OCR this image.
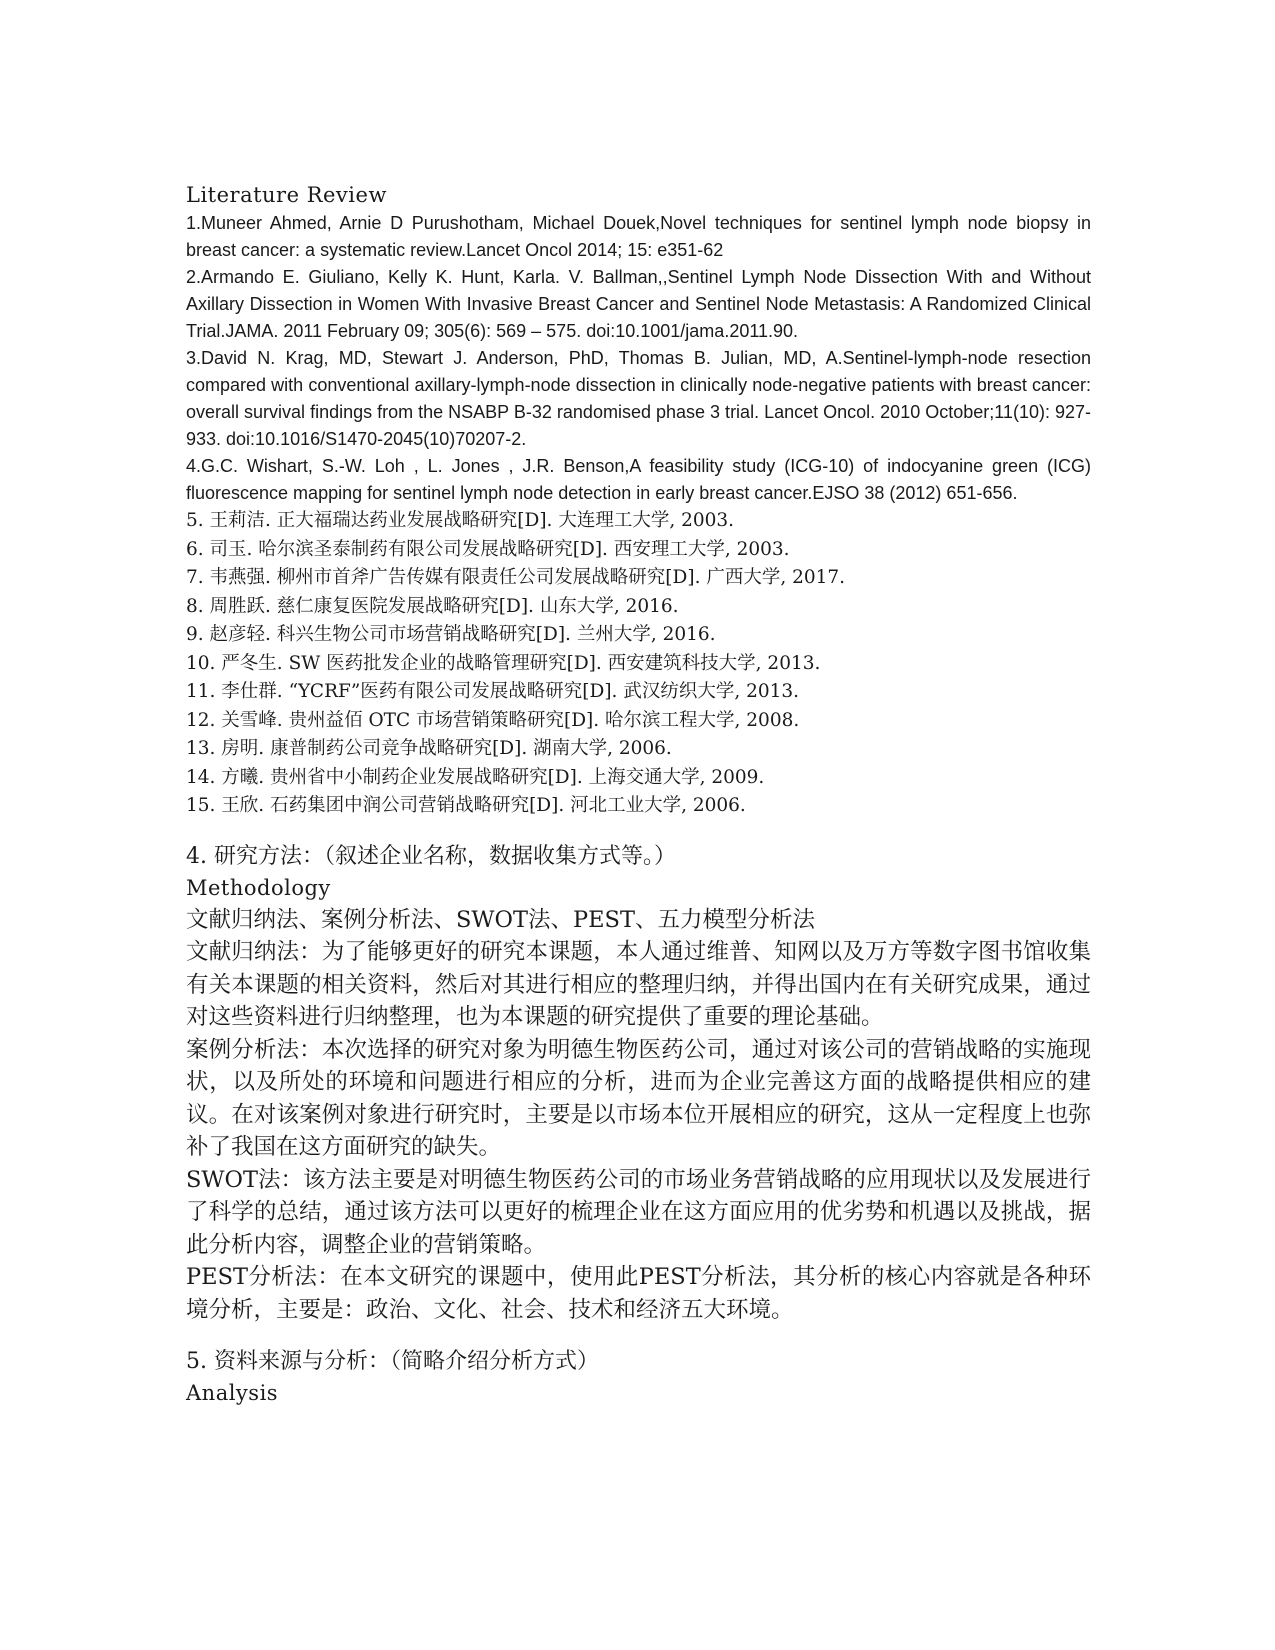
Literature Review

1.Muneer Ahmed, Arnie D Purushotham, Michael Douek,Novel techniques for sentinel lymph node biopsy in breast cancer: a systematic review.Lancet Oncol 2014; 15: e351-62

2.Armando E. Giuliano, Kelly K. Hunt, Karla. V. Ballman,,Sentinel Lymph Node Dissection With and Without Axillary Dissection in Women With Invasive Breast Cancer and Sentinel Node Metastasis: A Randomized Clinical Trial.JAMA. 2011 February 09; 305(6): 569 – 575. doi:10.1001/jama.2011.90.

3.David N. Krag, MD, Stewart J. Anderson, PhD, Thomas B. Julian, MD, A.Sentinel-lymph-node resection compared with conventional axillary-lymph-node dissection in clinically node-negative patients with breast cancer: overall survival findings from the NSABP B-32 randomised phase 3 trial. Lancet Oncol. 2010 October;11(10): 927-933. doi:10.1016/S1470-2045(10)70207-2.

4.G.C. Wishart, S.-W. Loh , L. Jones , J.R. Benson,A feasibility study (ICG-10) of indocyanine green (ICG) fluorescence mapping for sentinel lymph node detection in early breast cancer.EJSO 38 (2012) 651-656.

5. 王莉洁. 正大福瑞达药业发展战略研究[D]. 大连理工大学, 2003.

6. 司玉. 哈尔滨圣泰制药有限公司发展战略研究[D]. 西安理工大学, 2003.

7. 韦燕强. 柳州市首斧广告传媒有限责任公司发展战略研究[D]. 广西大学, 2017.

8. 周胜跃. 慈仁康复医院发展战略研究[D]. 山东大学, 2016.

9. 赵彦轻. 科兴生物公司市场营销战略研究[D]. 兰州大学, 2016.

10. 严冬生. SW 医药批发企业的战略管理研究[D]. 西安建筑科技大学, 2013.

11. 李仕群. “YCRF”医药有限公司发展战略研究[D]. 武汉纺织大学, 2013.

12. 关雪峰. 贵州益佰 OTC 市场营销策略研究[D]. 哈尔滨工程大学, 2008.

13. 房明. 康普制药公司竞争战略研究[D]. 湖南大学, 2006.

14. 方曦. 贵州省中小制药企业发展战略研究[D]. 上海交通大学, 2009.

15. 王欣. 石药集团中润公司营销战略研究[D]. 河北工业大学, 2006.

4. 研究方法：（叙述企业名称，数据收集方式等。）

Methodology

文献归纳法、案例分析法、SWOT法、PEST、五力模型分析法

文献归纳法：为了能够更好的研究本课题，本人通过维普、知网以及万方等数字图书馆收集有关本课题的相关资料，然后对其进行相应的整理归纳，并得出国内在有关研究成果，通过对这些资料进行归纳整理，也为本课题的研究提供了重要的理论基础。

案例分析法：本次选择的研究对象为明德生物医药公司，通过对该公司的营销战略的实施现状，以及所处的环境和问题进行相应的分析，进而为企业完善这方面的战略提供相应的建议。在对该案例对象进行研究时，主要是以市场本位开展相应的研究，这从一定程度上也弥补了我国在这方面研究的缺失。

SWOT法：该方法主要是对明德生物医药公司的市场业务营销战略的应用现状以及发展进行了科学的总结，通过该方法可以更好的梳理企业在这方面应用的优劣势和机遇以及挑战，据此分析内容，调整企业的营销策略。

PEST分析法：在本文研究的课题中，使用此PEST分析法，其分析的核心内容就是各种环境分析，主要是：政治、文化、社会、技术和经济五大环境。

5. 资料来源与分析：（简略介绍分析方式）

Analysis
